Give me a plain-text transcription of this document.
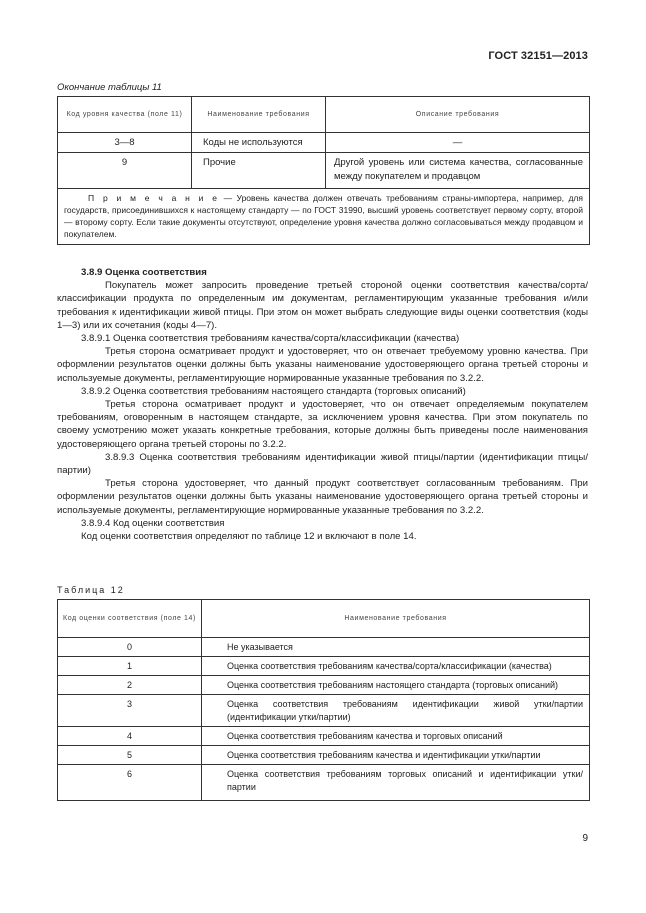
ГОСТ 32151—2013
Окончание таблицы 11
Код уровня качества (поле 11)	Наименование требования	Описание требования
3—8	Коды не используются	—
9	Прочие	Другой уровень или система качества, согласованные между покупателем и продавцом
П р и м е ч а н и е — Уровень качества должен отвечать требованиям страны-импортера, например, для государств, присоединившихся к настоящему стандарту — по ГОСТ 31990, высший уровень соответствует первому сорту, второй — второму сорту. Если такие документы отсутствуют, определение уровня качества должно согласовываться между продавцом и покупателем.		

3.8.9 Оценка соответствия

Покупатель может запросить проведение третьей стороной оценки соответствия качества/сорта/классификации продукта по определенным им документам, регламентирующим указанные требования и/или требования к идентификации живой птицы. При этом он может выбрать следующие виды оценки соответствия (коды 1—3) или их сочетания (коды 4—7).

3.8.9.1 Оценка соответствия требованиям качества/сорта/классификации (качества)

Третья сторона осматривает продукт и удостоверяет, что он отвечает требуемому уровню качества. При оформлении результатов оценки должны быть указаны наименование удостоверяющего органа третьей стороны и используемые документы, регламентирующие нормированные указанные требования по 3.2.2.

3.8.9.2 Оценка соответствия требованиям настоящего стандарта (торговых описаний)

Третья сторона осматривает продукт и удостоверяет, что он отвечает определяемым покупателем требованиям, оговоренным в настоящем стандарте, за исключением уровня качества. При этом покупатель по своему усмотрению может указать конкретные требования, которые должны быть приведены после наименования удостоверяющего органа третьей стороны по 3.2.2.

3.8.9.3 Оценка соответствия требованиям идентификации живой птицы/партии (идентификации птицы/партии)

Третья сторона удостоверяет, что данный продукт соответствует согласованным требованиям. При оформлении результатов оценки должны быть указаны наименование удостоверяющего органа третьей стороны и используемые документы, регламентирующие нормированные указанные требования по 3.2.2.

3.8.9.4 Код оценки соответствия

Код оценки соответствия определяют по таблице 12 и включают в поле 14.

Таблица 12
Код оценки соответствия (поле 14)	Наименование требования
0	Не указывается
1	Оценка соответствия требованиям качества/сорта/классификации (качества)
2	Оценка соответствия требованиям настоящего стандарта (торговых описаний)
3	Оценка соответствия требованиям идентификации живой утки/партии (идентификации утки/партии)
4	Оценка соответствия требованиям качества и торговых описаний
5	Оценка соответствия требованиям качества и идентификации утки/партии
6	Оценка соответствия требованиям торговых описаний и идентификации утки/партии
9
